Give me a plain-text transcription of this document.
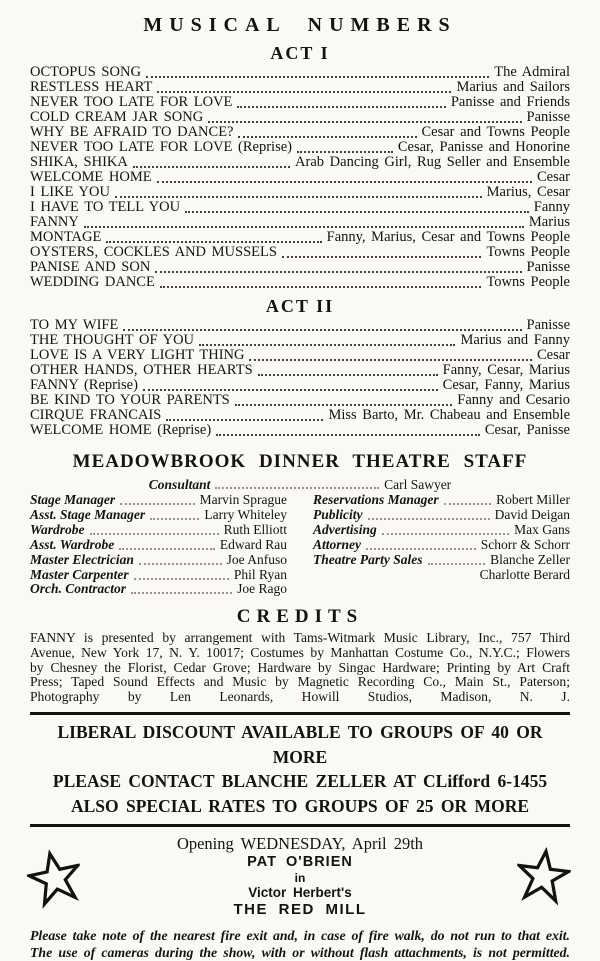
MUSICAL NUMBERS
ACT I
OCTOPUS SONG	The Admiral
RESTLESS HEART	Marius and Sailors
NEVER TOO LATE FOR LOVE	Panisse and Friends
COLD CREAM JAR SONG	Panisse
WHY BE AFRAID TO DANCE?	Cesar and Towns People
NEVER TOO LATE FOR LOVE (Reprise)	Cesar, Panisse and Honorine
SHIKA, SHIKA	Arab Dancing Girl, Rug Seller and Ensemble
WELCOME HOME	Cesar
I LIKE YOU	Marius, Cesar
I HAVE TO TELL YOU	Fanny
FANNY	Marius
MONTAGE	Fanny, Marius, Cesar and Towns People
OYSTERS, COCKLES AND MUSSELS	Towns People
PANISE AND SON	Panisse
WEDDING DANCE	Towns People
ACT II
TO MY WIFE	Panisse
THE THOUGHT OF YOU	Marius and Fanny
LOVE IS A VERY LIGHT THING	Cesar
OTHER HANDS, OTHER HEARTS	Fanny, Cesar, Marius
FANNY (Reprise)	Cesar, Fanny, Marius
BE KIND TO YOUR PARENTS	Fanny and Cesario
CIRQUE FRANCAIS	Miss Barto, Mr. Chabeau and Ensemble
WELCOME HOME (Reprise)	Cesar, Panisse
MEADOWBROOK DINNER THEATRE STAFF
Consultant	Carl Sawyer
Stage Manager	Marvin Sprague
Asst. Stage Manager	Larry Whiteley
Wardrobe	Ruth Elliott
Asst. Wardrobe	Edward Rau
Master Electrician	Joe Anfuso
Master Carpenter	Phil Ryan
Orch. Contractor	Joe Rago
Reservations Manager	Robert Miller
Publicity	David Deigan
Advertising	Max Gans
Attorney	Schorr & Schorr
Theatre Party Sales	Blanche Zeller
Charlotte Berard
CREDITS

FANNY is presented by arrangement with Tams-Witmark Music Library, Inc., 757 Third Avenue, New York 17, N. Y. 10017; Costumes by Manhattan Costume Co., N.Y.C.; Flowers by Chesney the Florist, Cedar Grove; Hardware by Singac Hardware; Printing by Art Craft Press; Taped Sound Effects and Music by Magnetic Recording Co., Main St., Paterson; Photography by Len Leonards, Howill Studios, Madison, N. J.

LIBERAL DISCOUNT AVAILABLE TO GROUPS OF 40 OR MORE
PLEASE CONTACT BLANCHE ZELLER AT CLifford 6-1455
ALSO SPECIAL RATES TO GROUPS OF 25 OR MORE
Opening WEDNESDAY, April 29th
PAT O'BRIEN
in
Victor Herbert's
THE RED MILL
Please take note of the nearest fire exit and, in case of fire walk, do not run to that exit.
The use of cameras during the show, with or without flash attachments, is not permitted.
